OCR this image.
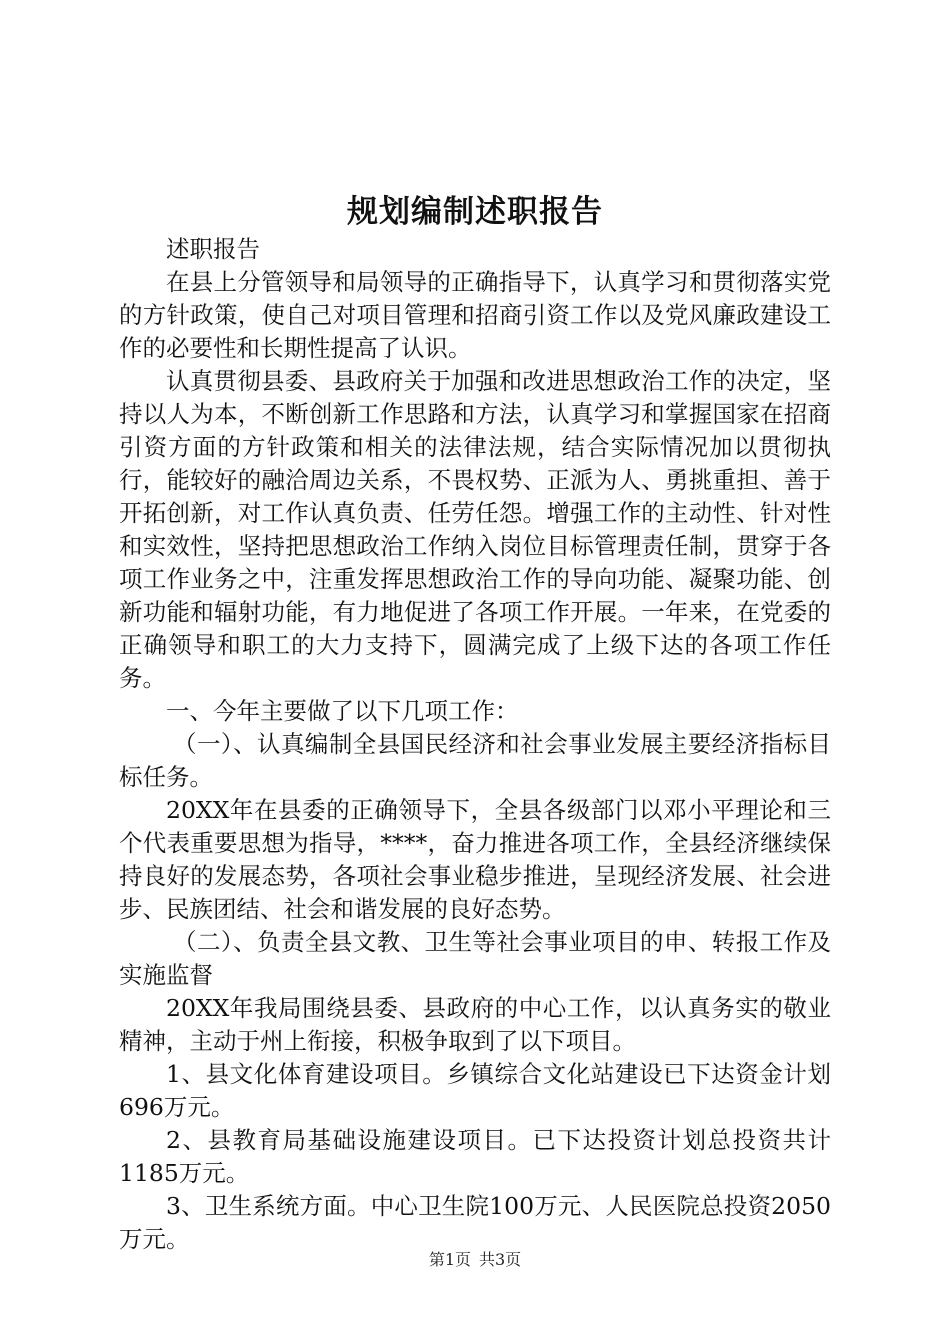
规划编制述职报告

述职报告

在县上分管领导和局领导的正确指导下，认真学习和贯彻落实党的方针政策，使自己对项目管理和招商引资工作以及党风廉政建设工作的必要性和长期性提高了认识。

认真贯彻县委、县政府关于加强和改进思想政治工作的决定，坚持以人为本，不断创新工作思路和方法，认真学习和掌握国家在招商引资方面的方针政策和相关的法律法规，结合实际情况加以贯彻执行，能较好的融洽周边关系，不畏权势、正派为人、勇挑重担、善于开拓创新，对工作认真负责、任劳任怨。增强工作的主动性、针对性和实效性，坚持把思想政治工作纳入岗位目标管理责任制，贯穿于各项工作业务之中，注重发挥思想政治工作的导向功能、凝聚功能、创新功能和辐射功能，有力地促进了各项工作开展。一年来，在党委的正确领导和职工的大力支持下，圆满完成了上级下达的各项工作任务。

一、今年主要做了以下几项工作：

（一）、认真编制全县国民经济和社会事业发展主要经济指标目标任务。

20XX年在县委的正确领导下，全县各级部门以邓小平理论和三个代表重要思想为指导，****，奋力推进各项工作，全县经济继续保持良好的发展态势，各项社会事业稳步推进，呈现经济发展、社会进步、民族团结、社会和谐发展的良好态势。

（二）、负责全县文教、卫生等社会事业项目的申、转报工作及实施监督

20XX年我局围绕县委、县政府的中心工作，以认真务实的敬业精神，主动于州上衔接，积极争取到了以下项目。

1、县文化体育建设项目。乡镇综合文化站建设已下达资金计划696万元。

2、县教育局基础设施建设项目。已下达投资计划总投资共计1185万元。

3、卫生系统方面。中心卫生院100万元、人民医院总投资2050万元。

第1页 共3页
